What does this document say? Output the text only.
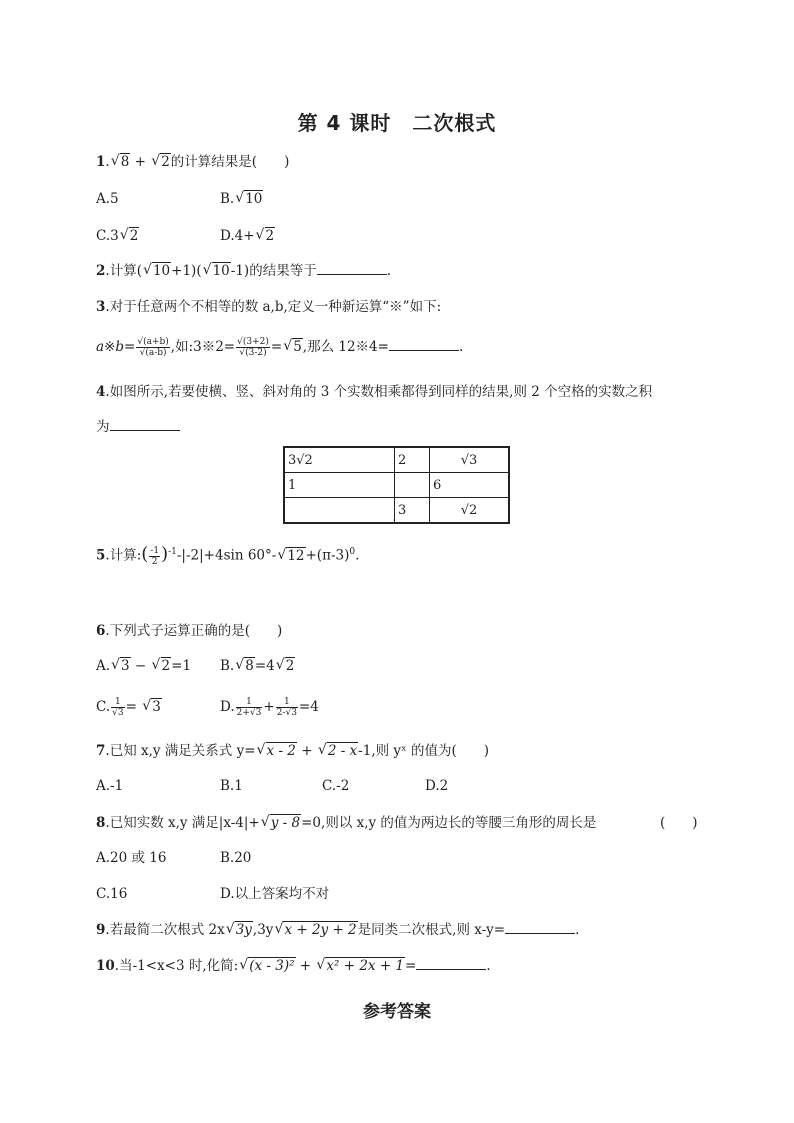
第 4 课时　二次根式
1. √ 8 + √ 2的计算结果是(　　)
A.5	B. √ 10
C.3 √ 2	D.4+ √ 2
2.计算( √ 10+1)( √ 10-1)的结果等于	.
3.对于任意两个不相等的数 a,b,定义一种新运算“※”如下:
a※b= $\frac{√(a+b)}{√(a-b)}$ ,如:3※2= $\frac{√(3+2)}{√(3-2)}$ = √ 5,那么 12※4=	.
4.如图所示,若要使横、竖、斜对角的 3 个实数相乘都得到同样的结果,则 2 个空格的实数之积
为
3√2	2	√3
1		6
	3	√2
5.计算:( $\frac{-1}{2} )^{-1}-|-2|+4\sin$ 60°- √ $12+(\pi-3)^0$.
6.下列式子运算正确的是(　　)
A. √ 3 − √ 2=1 B. √ 8=4 √ 2
C. $\frac{1}{√3}$ = √ 3	D. $\frac{1}{2+√3} + \frac{1}{2-√3} =4$
7.已知 x,y 满足关系式 y= √ x - 2 + √ 2 - x-1,则 yˣ 的值为(　　)
A.-1	B.1	C.-2	D.2
8.已知实数 x,y 满足|x-4|+ √ y - 8=0,则以 x,y 的值为两边长的等腰三角形的周长是	(　　)
A.20 或 16	B.20
C.16	D.以上答案均不对
9.若最简二次根式 2x √ 3y,3y √ x + 2y + 2是同类二次根式,则 x-y=	.
10.当-1<x<3 时,化简: √ (x - 3)² + √ x² + 2x + 1=	.
参考答案
